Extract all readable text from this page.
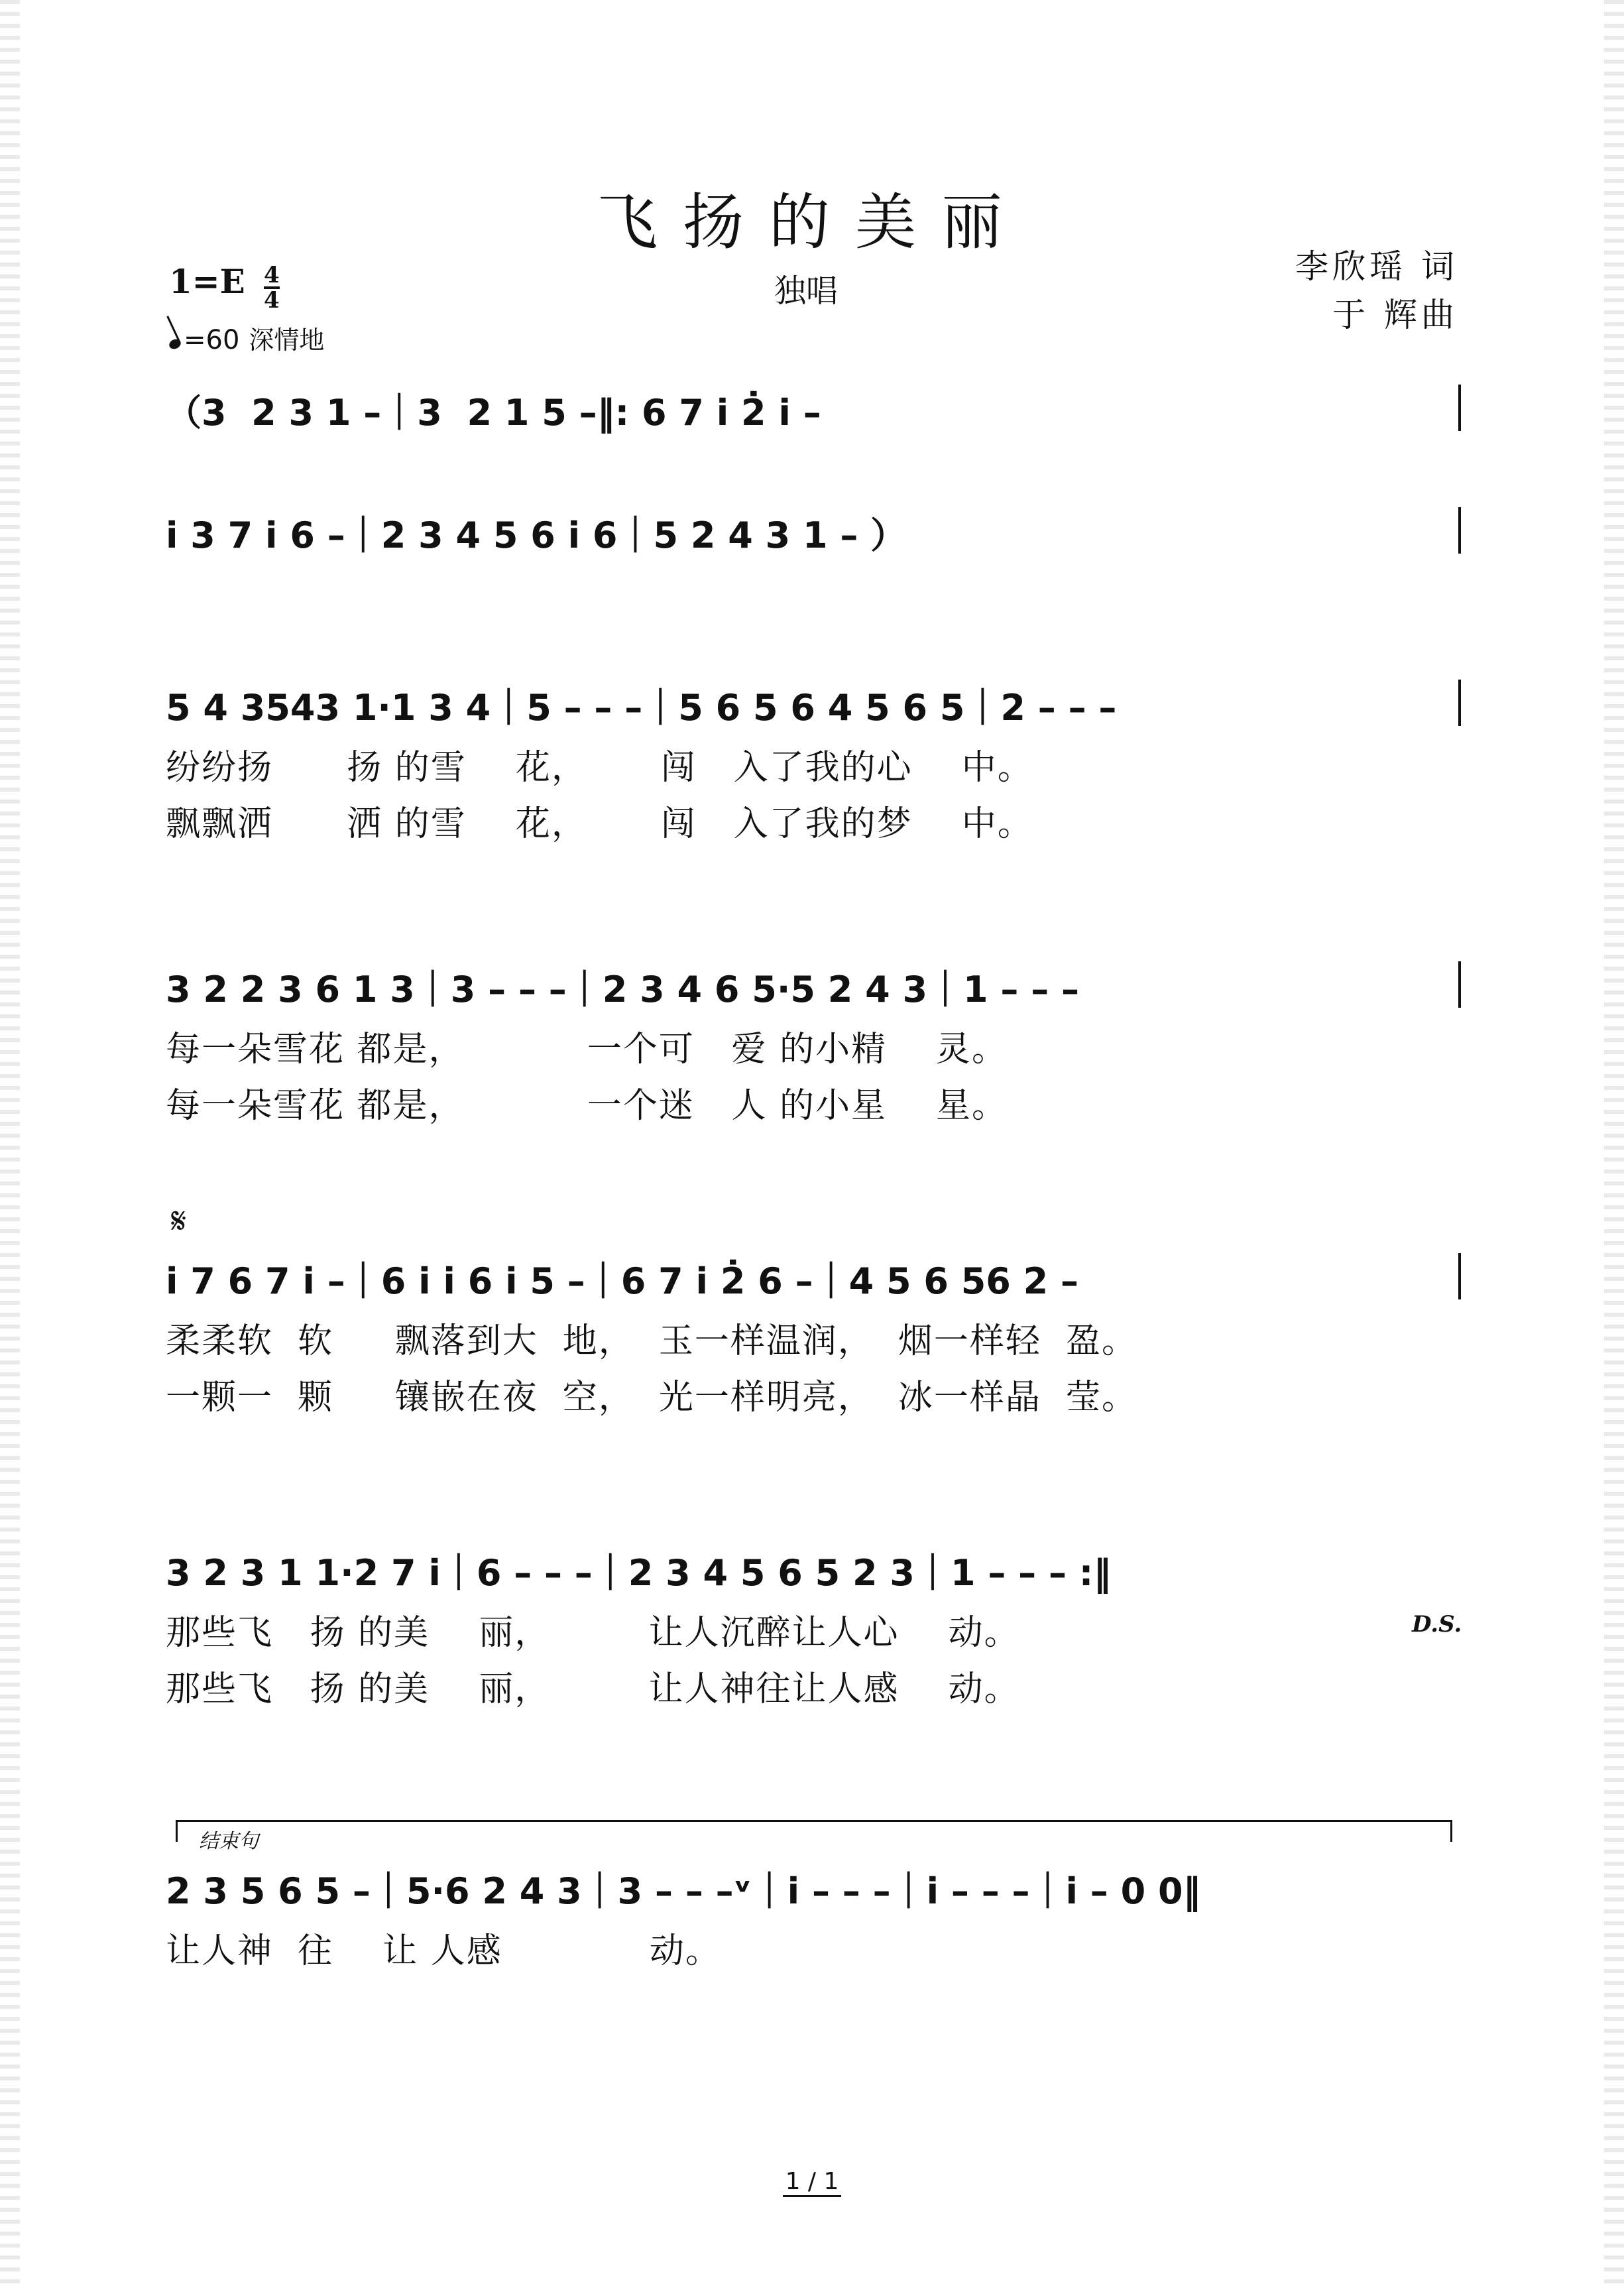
飞扬的美丽
$1=E \frac{4}{4}$
=60 深情地
独唱
李欣瑶 词
于 辉曲
（3  2 3 1 –｜3  2 1 5 –‖: 6 7 i̇ 2̇ i̇ –
i̇ 3 7 i̇ 6 –｜2 3 4 5 6 i̇ 6｜5 2 4 3 1 – ）
5 4 3543 1·1 3 4｜5 – – –｜5 6 5 6 4 5 6 5｜2 – – –
纷纷扬      扬 的雪    花，      闯   入了我的心    中。
飘飘洒      洒 的雪    花，      闯   入了我的梦    中。
3 2 2 3 6 1 3｜3 – – –｜2 3 4 6 5·5 2 4 3｜1 – – –
每一朵雪花 都是，          一个可   爱 的小精    灵。
每一朵雪花 都是，          一个迷   人 的小星    星。
𝄋
i̇ 7 6 7 i̇ –｜6 i̇ i̇ 6 i̇ 5 –｜6 7 i̇ 2̇ 6 –｜4 5 6 56 2 –
柔柔软  软     飘落到大  地，  玉一样温润，  烟一样轻  盈。
一颗一  颗     镶嵌在夜  空，  光一样明亮，  冰一样晶  莹。
3 2 3 1 1·2 7 i̇｜6 – – –｜2 3 4 5 6 5 2 3｜1 – – – :‖
那些飞   扬 的美    丽，        让人沉醉让人心    动。
那些飞   扬 的美    丽，        让人神往让人感    动。
D.S.
结束句
2 3 5 6 5 –｜5·6 2 4 3｜3 – – –ᵛ｜i̇ – – –｜i̇ – – –｜i̇ – 0 0‖
让人神  往    让 人感            动。
1 / 1
